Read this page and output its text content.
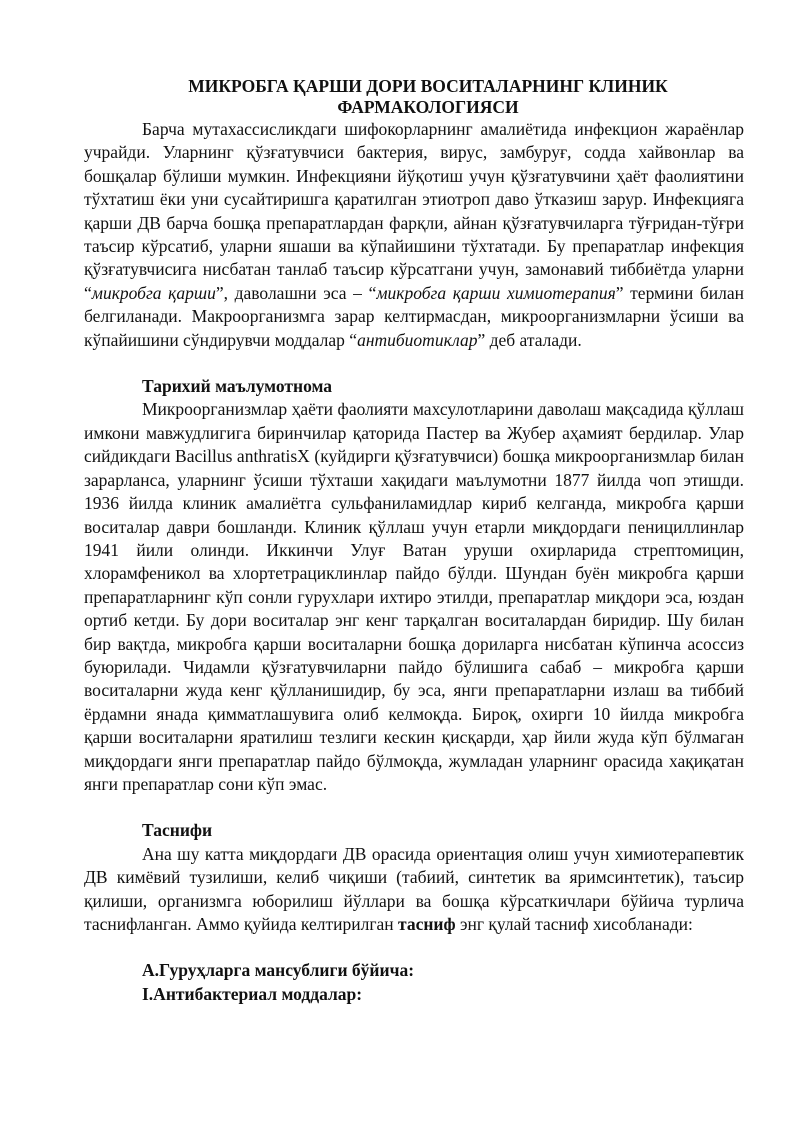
МИКРОБГА ҚАРШИ ДОРИ ВОСИТАЛАРНИНГ КЛИНИК
ФАРМАКОЛОГИЯСИ

Барча мутахассисликдаги шифокорларнинг амалиётида инфекцион жараёнлар учрайди. Уларнинг қўзғатувчиси бактерия, вирус, замбуруғ, содда хайвонлар ва бошқалар бўлиши мумкин. Инфекцияни йўқотиш учун қўзғатувчини ҳаёт фаолиятини тўхтатиш ёки уни сусайтиришга қаратилган этиотроп даво ўтказиш зарур. Инфекцияга қарши ДВ барча бошқа препаратлардан фарқли, айнан қўзғатувчиларга тўғридан-тўғри таъсир кўрсатиб, уларни яшаши ва кўпайишини тўхтатади. Бу препаратлар инфекция қўзғатувчисига нисбатан танлаб таъсир кўрсатгани учун, замонавий тиббиётда уларни “микробга қарши”, даволашни эса – “микробга қарши химиотерапия” термини билан белгиланади. Макроорганизмга зарар келтирмасдан, микроорганизмларни ўсиши ва кўпайишини сўндирувчи моддалар “антибиотиклар” деб аталади.

Тарихий маълумотнома

Микроорганизмлар ҳаёти фаолияти махсулотларини даволаш мақсадида қўллаш имкони мавжудлигига биринчилар қаторида Пастер ва Жубер аҳамият бердилар. Улар сийдикдаги Bacillus anthratisX (куйдирги қўзғатувчиси) бошқа микроорганизмлар билан зарарланса, уларнинг ўсиши тўхташи хақидаги маълумотни 1877 йилда чоп этишди. 1936 йилда клиник амалиётга сульфаниламидлар кириб келганда, микробга қарши воситалар даври бошланди. Клиник қўллаш учун етарли миқдордаги пенициллинлар 1941 йили олинди. Иккинчи Улуғ Ватан уруши охирларида стрептомицин, хлорамфеникол ва хлортетрациклинлар пайдо бўлди. Шундан буён микробга қарши препаратларнинг кўп сонли гурухлари ихтиро этилди, препаратлар миқдори эса, юздан ортиб кетди. Бу дори воситалар энг кенг тарқалган воситалардан биридир. Шу билан бир вақтда, микробга қарши воситаларни бошқа дориларга нисбатан кўпинча асоссиз буюрилади. Чидамли қўзғатувчиларни пайдо бўлишига сабаб – микробга қарши воситаларни жуда кенг қўлланишидир, бу эса, янги препаратларни излаш ва тиббий ёрдамни янада қимматлашувига олиб келмоқда. Бироқ, охирги 10 йилда микробга қарши воситаларни яратилиш тезлиги кескин қисқарди, ҳар йили жуда кўп бўлмаган миқдордаги янги препаратлар пайдо бўлмоқда, жумладан уларнинг орасида хақиқатан янги препаратлар сони кўп эмас.

Таснифи

Ана шу катта миқдордаги ДВ орасида ориентация олиш учун химиотерапевтик ДВ кимёвий тузилиши, келиб чиқиши (табиий, синтетик ва яримсинтетик), таъсир қилиши, организмга юборилиш йўллари ва бошқа кўрсаткичлари бўйича турлича таснифланган. Аммо қуйида келтирилган тасниф энг қулай тасниф хисобланади:

А.Гуруҳларга мансублиги бўйича:

I.Антибактериал моддалар:
